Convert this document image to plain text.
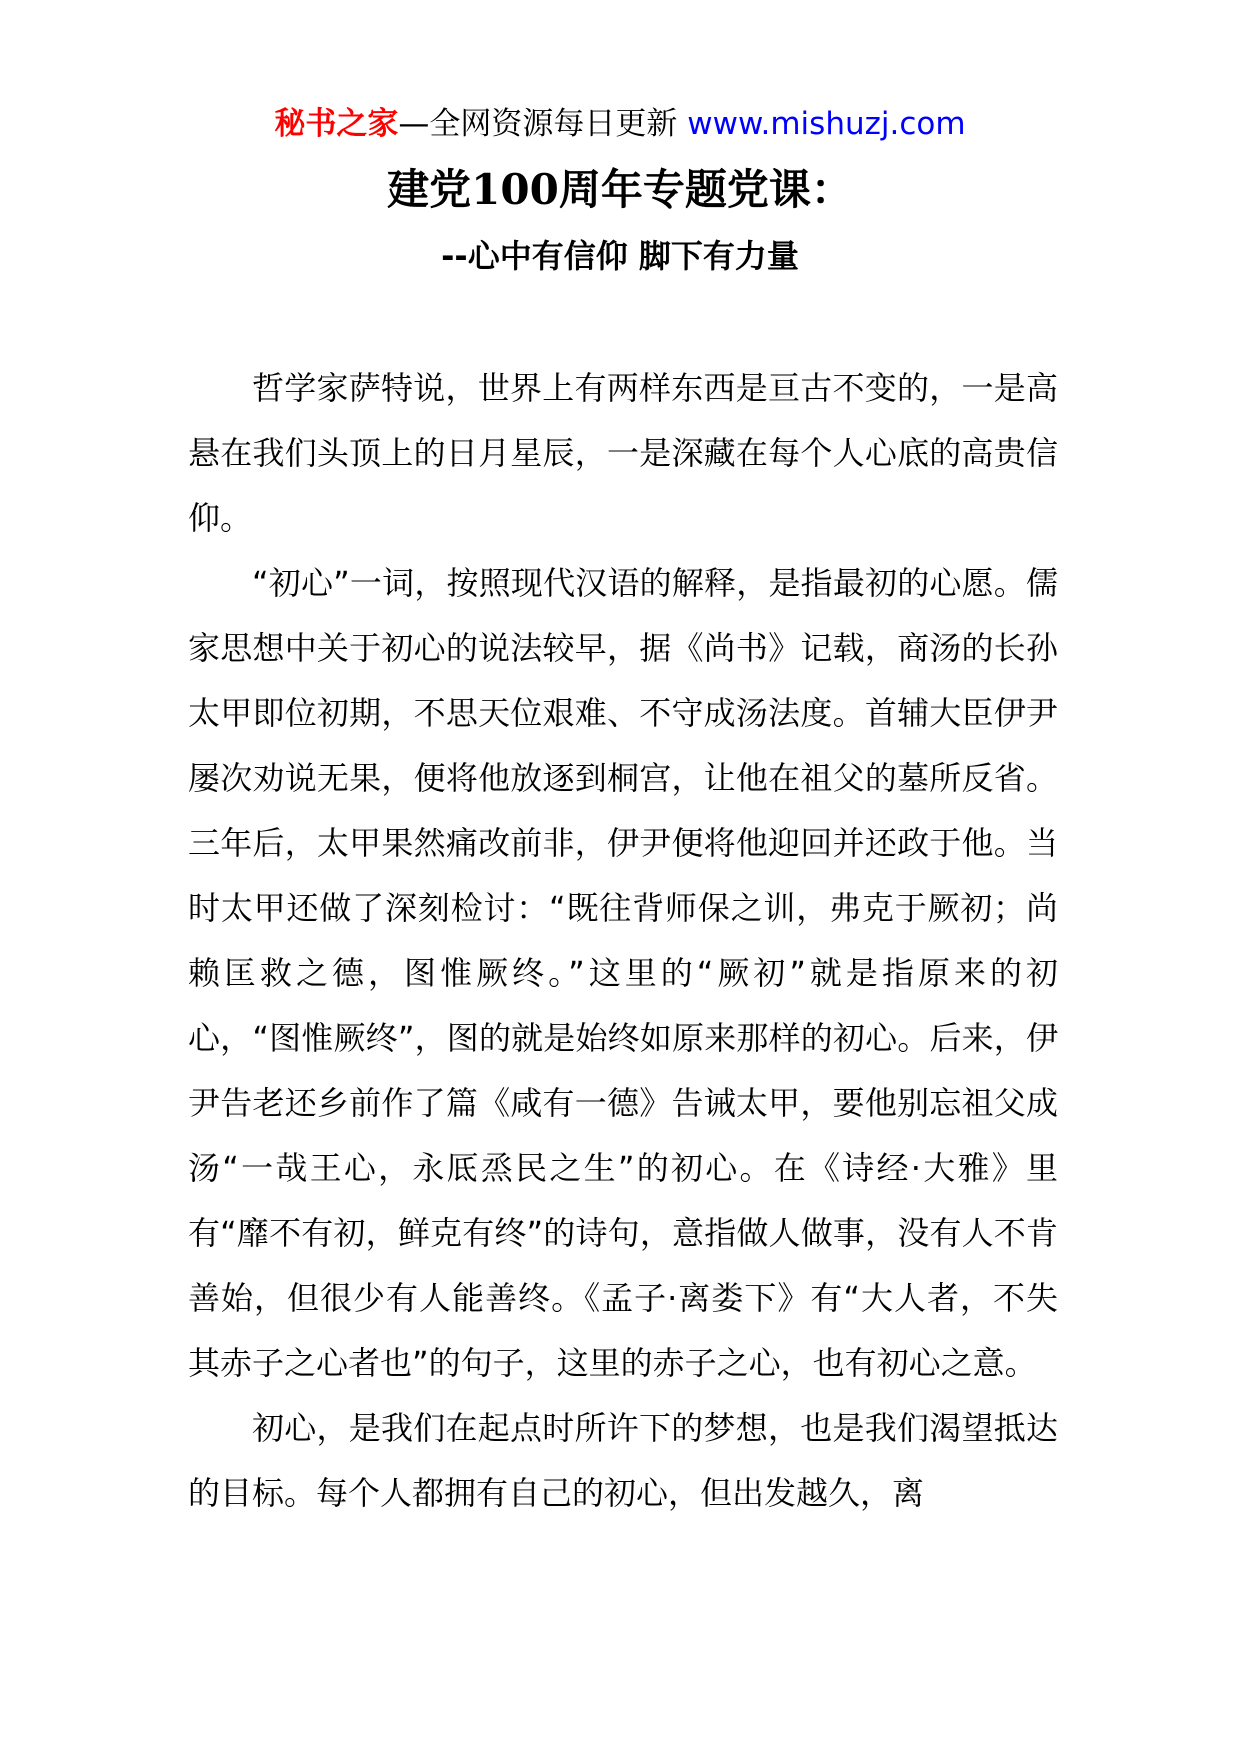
秘书之家—全网资源每日更新 www.mishuzj.com
建党100周年专题党课：
--心中有信仰 脚下有力量

哲学家萨特说，世界上有两样东西是亘古不变的，一是高悬在我们头顶上的日月星辰，一是深藏在每个人心底的高贵信仰。

“初心”一词，按照现代汉语的解释，是指最初的心愿。儒家思想中关于初心的说法较早，据《尚书》记载，商汤的长孙太甲即位初期，不思天位艰难、不守成汤法度。首辅大臣伊尹屡次劝说无果，便将他放逐到桐宫，让他在祖父的墓所反省。三年后，太甲果然痛改前非，伊尹便将他迎回并还政于他。当时太甲还做了深刻检讨：“既往背师保之训，弗克于厥初；尚赖匡救之德，图惟厥终。”这里的“厥初”就是指原来的初心，“图惟厥终”，图的就是始终如原来那样的初心。后来，伊尹告老还乡前作了篇《咸有一德》告诫太甲，要他别忘祖父成汤“一哉王心，永厎烝民之生”的初心。在《诗经·大雅》里有“靡不有初，鲜克有终”的诗句，意指做人做事，没有人不肯善始，但很少有人能善终。《孟子·离娄下》有“大人者，不失其赤子之心者也”的句子，这里的赤子之心，也有初心之意。

初心，是我们在起点时所许下的梦想，也是我们渴望抵达的目标。每个人都拥有自己的初心，但出发越久，离
